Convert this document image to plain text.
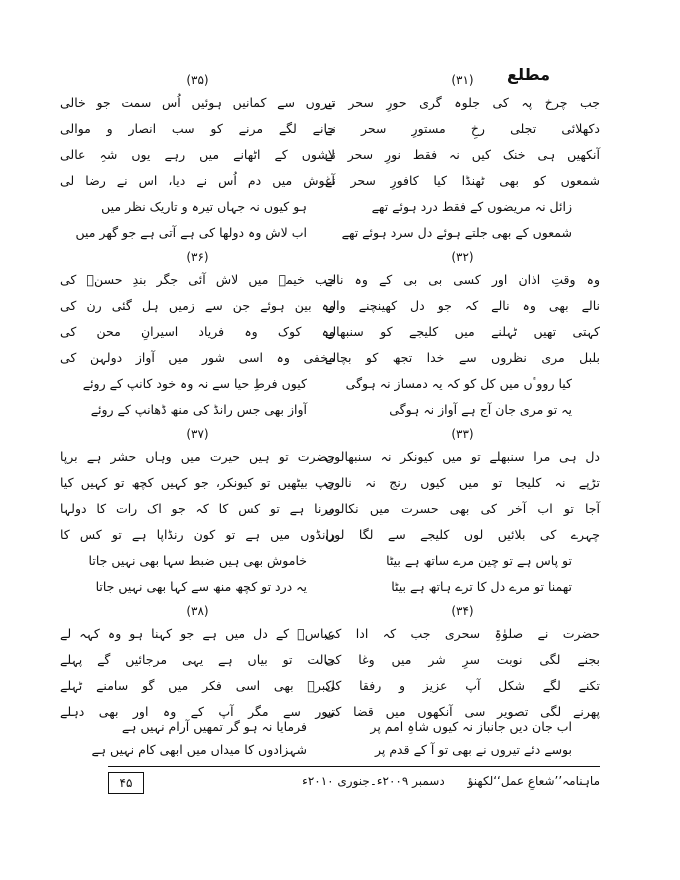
مطلع
(۳۱)
جب چرخ پہ کی جلوہ گری حورِ سحر نے
دکھلائی تجلی رخِ مستورِ سحر نے
آنکھیں ہی خنک کیں نہ فقط نورِ سحر نے
شمعوں کو بھی ٹھنڈا کیا کافورِ سحر نے
زائل نہ مریضوں کے فقط درد ہوئے تھے
شمعوں کے بھی جلتے ہوئے دل سرد ہوئے تھے
(۳۲)
وہ وقتِ اذان اور کسی بی بی کے وہ نالے
نالے بھی وہ نالے کہ جو دل کھینچنے والے
کہتی تھیں ٹہلنے میں کلیجے کو سنبھالے
بلبل مری نظروں سے خدا تجھ کو بچالے
کیا رووٴں میں کل کو کہ یہ دمساز نہ ہوگی
یہ تو مری جان آج ہے آواز نہ ہوگی
(۳۳)
دل ہی مرا سنبھلے تو میں کیونکر نہ سنبھالوں
تڑپے نہ کلیجا تو میں کیوں رنج نہ نالوں
آجا تو اب آخر کی بھی حسرت میں نکالوں
چہرے کی بلائیں لوں کلیجے سے لگا لوں
تو پاس ہے تو چین مرے ساتھ ہے بیٹا
تھمنا تو مرے دل کا ترے ہاتھ ہے بیٹا
(۳۴)
حضرت نے صلوٰۃِ سحری جب کہ ادا کی
بجنے لگی نوبت سرِ شر میں وغا کی
تکنے لگے شکل آپ عزیز و رفقا کی
پھرنے لگی تصویر سی آنکھوں میں قضا کی
اب جان دیں جانباز نہ کیوں شاہِ امم پر
بوسے دئے تیروں نے بھی تو آ کے قدم پر
(۳۵)
تیروں سے کمانیں ہوئیں اُس سمت جو خالی
جانے لگے مرنے کو سب انصار و موالی
لاشوں کے اٹھانے میں رہے یوں شہِ عالی
آغوش میں دم اُس نے دیا، اس نے رضا لی
ہو کیوں نہ جہاں تیرہ و تاریک نظر میں
اب لاش وہ دولھا کی ہے آتی ہے جو گھر میں
(۳۶)
جب خیمہ میں لاش آئی جگر بندِ حسنؑ کی
وہ بین ہوئے جن سے زمیں ہل گئی رن کی
وہ کوک وہ فریاد اسیرانِ محن کی
مخفی وہ اسی شور میں آواز دولہن کی
کیوں فرطِ حیا سے نہ وہ خود کانپ کے روئے
آواز بھی جس رانڈ کی منھ ڈھانپ کے روئے
(۳۷)
حضرت تو ہیں حیرت میں وہاں حشر ہے برپا
چپ بیٹھیں تو کیونکر، جو کہیں کچھ تو کہیں کیا
مرنا ہے تو کس کا کہ جو اک رات کا دولہا
رانڈوں میں ہے تو کون رنڈاپا ہے تو کس کا
خاموش بھی ہیں ضبط سہا بھی نہیں جاتا
یہ درد تو کچھ منھ سے کہا بھی نہیں جاتا
(۳۸)
عباسؑ کے دل میں ہے جو کہنا ہو وہ کہہ لے
حالت تو بیاں ہے یہی مرجائیں گے پہلے
اکبرؑ بھی اسی فکر میں گو سامنے ٹہلے
تیور سے مگر آپ کے وہ اور بھی دہلے
فرمایا نہ ہو گر تمھیں آرام نہیں ہے
شہزادوں کا میداں میں ابھی کام نہیں ہے
۴۵	ماہنامہ’’شعاعِ عمل‘‘لکھنؤ      دسمبر ۲۰۰۹ء۔جنوری ۲۰۱۰ء
